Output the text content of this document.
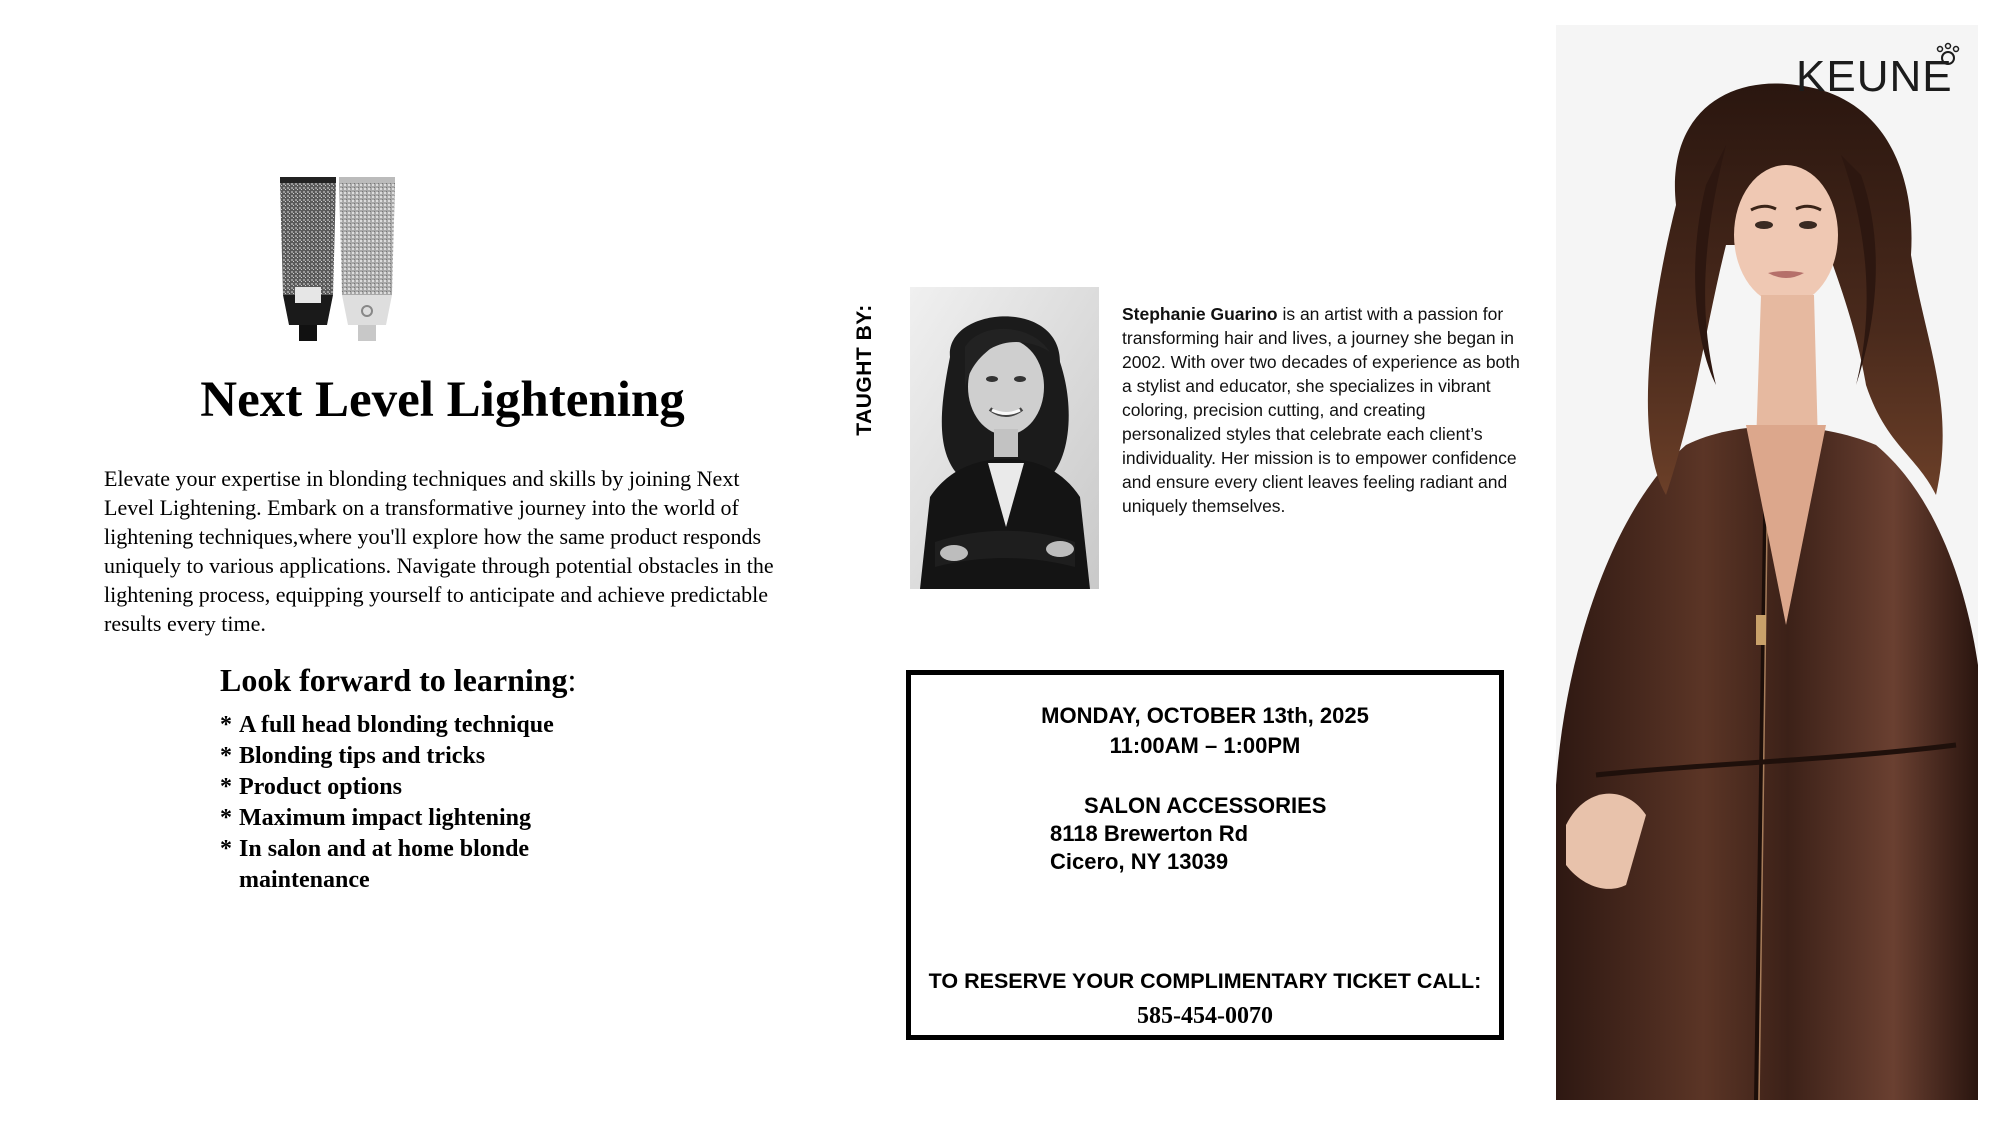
Next Level Lightening
Elevate your expertise in blonding techniques and skills by joining Next Level Lightening. Embark on a transformative journey into the world of lightening techniques,where you'll explore how the same product responds uniquely to various applications. Navigate through potential obstacles in the lightening process, equipping yourself to anticipate and achieve predictable results every time.
Look forward to learning:
* A full head blonding technique
* Blonding tips and tricks
* Product options
* Maximum impact lightening
* In salon and at home blonde maintenance
TAUGHT BY:	Stephanie Guarino is an artist with a passion for transforming hair and lives, a journey she began in 2002. With over two decades of experience as both a stylist and educator, she specializes in vibrant coloring, precision cutting, and creating personalized styles that celebrate each client’s individuality. Her mission is to empower confidence and ensure every client leaves feeling radiant and uniquely themselves.
MONDAY, OCTOBER 13th, 2025
11:00AM – 1:00PM
SALON ACCESSORIES
8118 Brewerton Rd
Cicero, NY 13039
TO RESERVE YOUR COMPLIMENTARY TICKET CALL:
585-454-0070
KEUNE
